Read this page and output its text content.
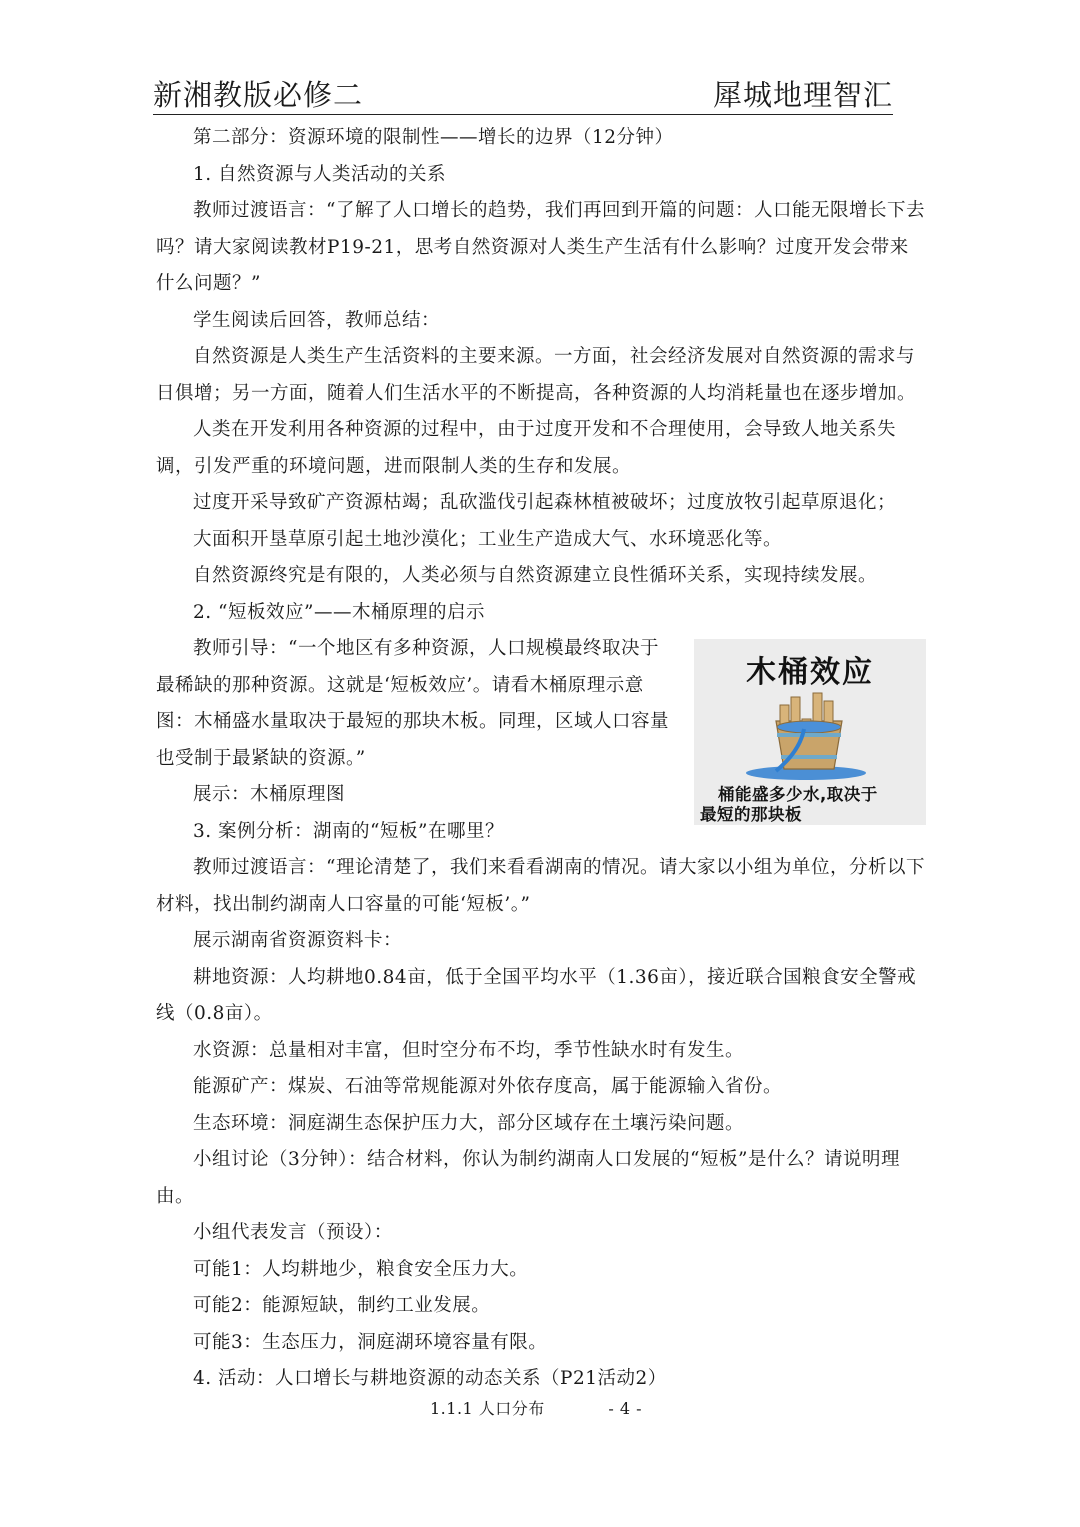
新湘教版必修二	犀城地理智汇

第二部分：资源环境的限制性——增长的边界（12分钟）

1. 自然资源与人类活动的关系

教师过渡语言：“了解了人口增长的趋势，我们再回到开篇的问题：人口能无限增长下去吗？请大家阅读教材P19-21，思考自然资源对人类生产生活有什么影响？过度开发会带来什么问题？”

学生阅读后回答，教师总结：

自然资源是人类生产生活资料的主要来源。一方面，社会经济发展对自然资源的需求与日俱增；另一方面，随着人们生活水平的不断提高，各种资源的人均消耗量也在逐步增加。

人类在开发利用各种资源的过程中，由于过度开发和不合理使用，会导致人地关系失调，引发严重的环境问题，进而限制人类的生存和发展。

过度开采导致矿产资源枯竭；乱砍滥伐引起森林植被破坏；过度放牧引起草原退化；

大面积开垦草原引起土地沙漠化；工业生产造成大气、水环境恶化等。

自然资源终究是有限的，人类必须与自然资源建立良性循环关系，实现持续发展。

2. “短板效应”——木桶原理的启示

木桶效应
桶能盛多少水,取决于
最短的那块板

教师引导：“一个地区有多种资源，人口规模最终取决于最稀缺的那种资源。这就是‘短板效应’。请看木桶原理示意图：木桶盛水量取决于最短的那块木板。同理，区域人口容量也受制于最紧缺的资源。”

展示：木桶原理图

3. 案例分析：湖南的“短板”在哪里？

教师过渡语言：“理论清楚了，我们来看看湖南的情况。请大家以小组为单位，分析以下材料，找出制约湖南人口容量的可能‘短板’。”

展示湖南省资源资料卡：

耕地资源：人均耕地0.84亩，低于全国平均水平（1.36亩），接近联合国粮食安全警戒线（0.8亩）。

水资源：总量相对丰富，但时空分布不均，季节性缺水时有发生。

能源矿产：煤炭、石油等常规能源对外依存度高，属于能源输入省份。

生态环境：洞庭湖生态保护压力大，部分区域存在土壤污染问题。

小组讨论（3分钟）：结合材料，你认为制约湖南人口发展的“短板”是什么？请说明理由。

小组代表发言（预设）：

可能1：人均耕地少，粮食安全压力大。

可能2：能源短缺，制约工业发展。

可能3：生态压力，洞庭湖环境容量有限。

4. 活动：人口增长与耕地资源的动态关系（P21活动2）

1.1.1 人口分布	- 4 -
